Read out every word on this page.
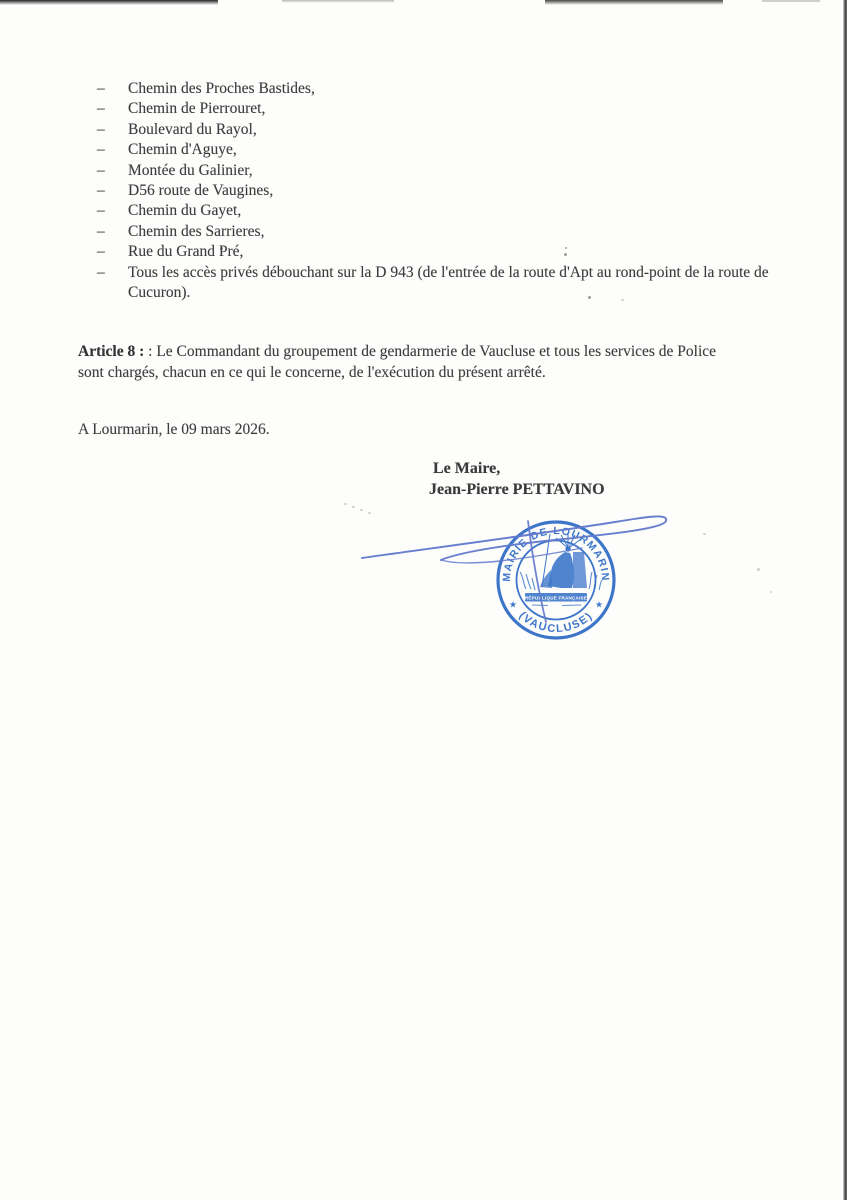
–	Chemin des Proches Bastides,
–	Chemin de Pierrouret,
–	Boulevard du Rayol,
–	Chemin d'Aguye,
–	Montée du Galinier,
–	D56 route de Vaugines,
–	Chemin du Gayet,
–	Chemin des Sarrieres,
–	Rue du Grand Pré,
–	Tous les accès privés débouchant sur la D 943 (de l'entrée de la route d'Apt au rond-point de la route de Cucuron).

Article 8 : : Le Commandant du groupement de gendarmerie de Vaucluse et tous les services de Police sont chargés, chacun en ce qui le concerne, de l'exécution du présent arrêté.

A Lourmarin, le 09 mars 2026.

Le Maire,
Jean-Pierre PETTAVINO
MAIRIE DE LOURMARIN
(VAUCLUSE)
★	★
RÉPUBLIQUE FRANÇAISE
